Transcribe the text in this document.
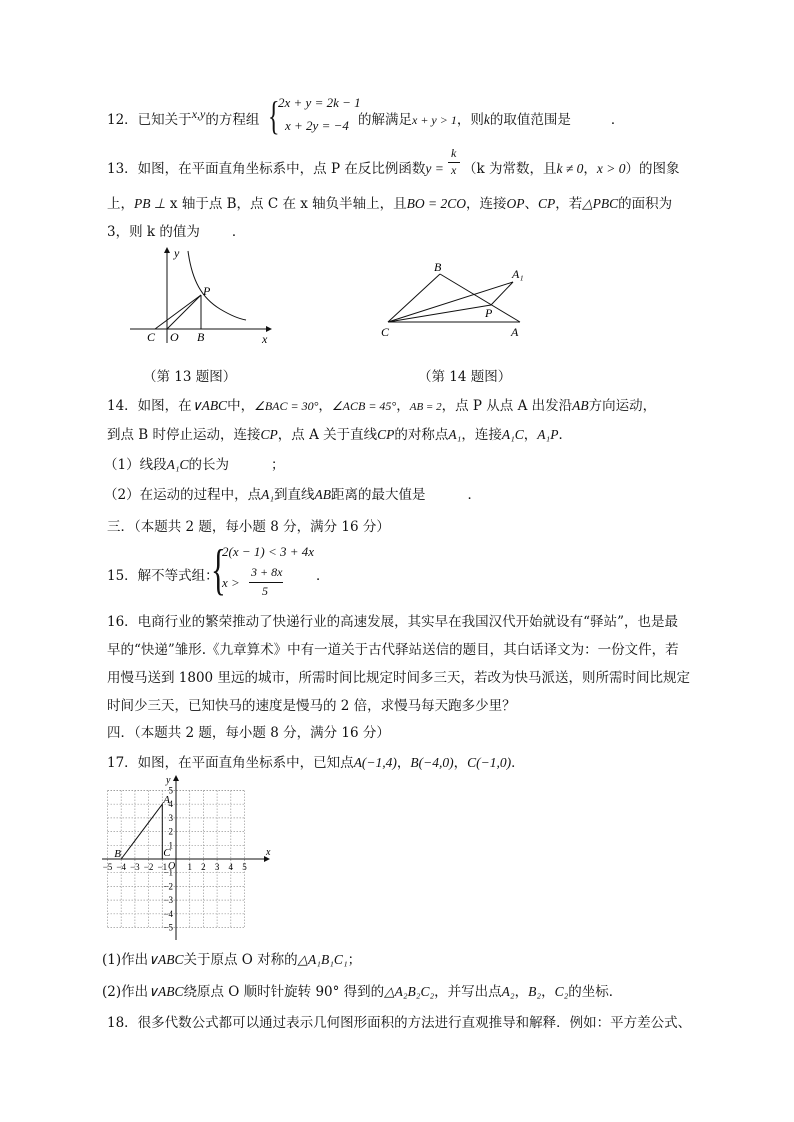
12．已知关于x,y的方程组 {
2x + y = 2k − 1
x + 2y = −4 的解满足x + y > 1，则k的取值范围是	．
13．如图，在平面直角坐标系中，点 P 在反比例函数y =
k
x （k 为常数，且k ≠ 0，x > 0）的图象
上，PB ⊥ x 轴于点 B，点 C 在 x 轴负半轴上，且BO = 2CO，连接OP、CP，若△PBC的面积为
3，则 k 的值为 ．
y
x
P
C O B
（第 13 题图）
B	A₁
P
C	A
（第 14 题图）
14．如图，在∨ABC中，∠BAC = 30°，∠ACB = 45°，AB = 2，点 P 从点 A 出发沿AB方向运动，
到点 B 时停止运动，连接CP，点 A 关于直线CP的对称点A₁，连接A₁C，A₁P．
（1）线段A₁C的长为	；
（2）在运动的过程中，点A₁到直线AB距离的最大值是	．
三．（本题共 2 题，每小题 8 分，满分 16 分）
15．解不等式组：
{
2(x − 1) < 3 + 4x
x >
3 + 8x
5
．
16．电商行业的繁荣推动了快递行业的高速发展，其实早在我国汉代开始就设有“驿站”，也是最
早的“快递”雏形.《九章算术》中有一道关于古代驿站送信的题目，其白话译文为：一份文件，若
用慢马送到 1800 里远的城市，所需时间比规定时间多三天，若改为快马派送，则所需时间比规定
时间少三天，已知快马的速度是慢马的 2 倍，求慢马每天跑多少里？
四．（本题共 2 题，每小题 8 分，满分 16 分）
17．如图，在平面直角坐标系中，已知点A(−1,4)，B(−4,0)，C(−1,0)．
x
y
O
−5 −4 −3 −2 −1 1 2 3 4 5
5
4
3
2
1
−1
−2
−3
−4
−5
A
B	C
(1)作出∨ABC关于原点 O 对称的△A₁B₁C₁；
(2)作出∨ABC绕原点 O 顺时针旋转 90° 得到的△A₂B₂C₂，并写出点A₂，B₂，C₂的坐标．
18．很多代数公式都可以通过表示几何图形面积的方法进行直观推导和解释．例如：平方差公式、
